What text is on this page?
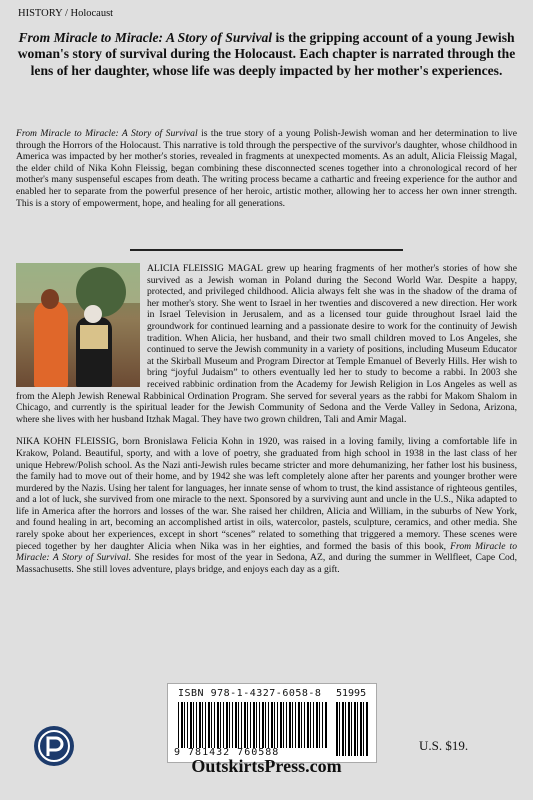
HISTORY / Holocaust
From Miracle to Miracle: A Story of Survival is the gripping account of a young Jewish woman's story of survival during the Holocaust. Each chapter is narrated through the lens of her daughter, whose life was deeply impacted by her mother's experiences.
From Miracle to Miracle: A Story of Survival is the true story of a young Polish-Jewish woman and her determination to live through the Horrors of the Holocaust. This narrative is told through the perspective of the survivor's daughter, whose childhood in America was impacted by her mother's stories, revealed in fragments at unexpected moments. As an adult, Alicia Fleissig Magal, the elder child of Nika Kohn Fleissig, began combining these disconnected scenes together into a chronological record of her mother's many suspenseful escapes from death. The writing process became a cathartic and freeing experience for the author and enabled her to separate from the powerful presence of her heroic, artistic mother, allowing her to access her own inner strength. This is a story of empowerment, hope, and healing for all generations.

ALICIA FLEISSIG MAGAL grew up hearing fragments of her mother's stories of how she survived as a Jewish woman in Poland during the Second World War. Despite a happy, protected, and privileged childhood. Alicia always felt she was in the shadow of the drama of her mother's story. She went to Israel in her twenties and discovered a new direction. Her work in Israel Television in Jerusalem, and as a licensed tour guide throughout Israel laid the groundwork for continued learning and a passionate desire to work for the continuity of Jewish tradition. When Alicia, her husband, and their two small children moved to Los Angeles, she continued to serve the Jewish community in a variety of positions, including Museum Educator at the Skirball Museum and Program Director at Temple Emanuel of Beverly Hills. Her wish to bring “joyful Judaism” to others eventually led her to study to become a rabbi. In 2003 she received rabbinic ordination from the Academy for Jewish Religion in Los Angeles as well as from the Aleph Jewish Renewal Rabbinical Ordination Program. She served for several years as the rabbi for Makom Shalom in Chicago, and currently is the spiritual leader for the Jewish Community of Sedona and the Verde Valley in Sedona, Arizona, where she lives with her husband Itzhak Magal. They have two grown children, Tali and Amir Magal.

NIKA KOHN FLEISSIG, born Bronislawa Felicia Kohn in 1920, was raised in a loving family, living a comfortable life in Krakow, Poland. Beautiful, sporty, and with a love of poetry, she graduated from high school in 1938 in the last class of her unique Hebrew/Polish school. As the Nazi anti-Jewish rules became stricter and more dehumanizing, her father lost his business, the family had to move out of their home, and by 1942 she was left completely alone after her parents and younger brother were murdered by the Nazis. Using her talent for languages, her innate sense of whom to trust, the kind assistance of righteous gentiles, and a lot of luck, she survived from one miracle to the next. Sponsored by a surviving aunt and uncle in the U.S., Nika adapted to life in America after the horrors and losses of the war. She raised her children, Alicia and William, in the suburbs of New York, and found healing in art, becoming an accomplished artist in oils, watercolor, pastels, sculpture, ceramics, and other media. She rarely spoke about her experiences, except in short “scenes” related to something that triggered a memory. These scenes were pieced together by her daughter Alicia when Nika was in her eighties, and formed the basis of this book, From Miracle to Miracle: A Story of Survival. She resides for most of the year in Sedona, AZ, and during the summer in Wellfleet, Cape Cod, Massachusetts. She still loves adventure, plays bridge, and enjoys each day as a gift.

ISBN 978-1-4327-6058-8
9 781432 760588
51995
U.S. $19.
OutskirtsPress.com
